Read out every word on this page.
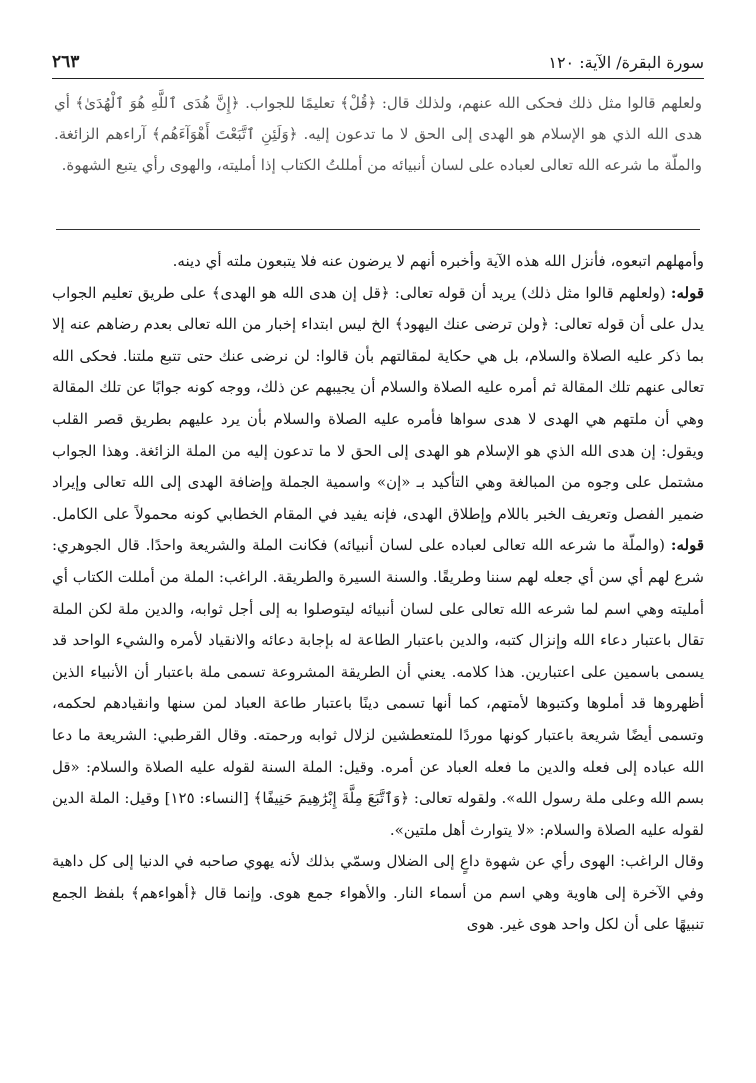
سورة البقرة/ الآية: ١٢٠
٢٦٣

ولعلهم قالوا مثل ذلك فحكى الله عنهم، ولذلك قال: ﴿قُلْ﴾ تعليمًا للجواب. ﴿إِنَّ هُدَى ٱللَّهِ هُوَ ٱلْهُدَىٰ﴾ أي هدى الله الذي هو الإسلام هو الهدى إلى الحق لا ما تدعون إليه. ﴿وَلَئِنِ ٱتَّبَعْتَ أَهْوَآءَهُم﴾ آراءهم الزائغة. والملّة ما شرعه الله تعالى لعباده على لسان أنبيائه من أمللتُ الكتاب إذا أمليته، والهوى رأي يتبع الشهوة.

وأمهلهم اتبعوه، فأنزل الله هذه الآية وأخبره أنهم لا يرضون عنه فلا يتبعون ملته أي دينه.

قوله: (ولعلهم قالوا مثل ذلك) يريد أن قوله تعالى: ﴿قل إن هدى الله هو الهدى﴾ على طريق تعليم الجواب يدل على أن قوله تعالى: ﴿ولن ترضى عنك اليهود﴾ الخ ليس ابتداء إخبار من الله تعالى بعدم رضاهم عنه إلا بما ذكر عليه الصلاة والسلام، بل هي حكاية لمقالتهم بأن قالوا: لن نرضى عنك حتى تتبع ملتنا. فحكى الله تعالى عنهم تلك المقالة ثم أمره عليه الصلاة والسلام أن يجيبهم عن ذلك، ووجه كونه جوابًا عن تلك المقالة وهي أن ملتهم هي الهدى لا هدى سواها فأمره عليه الصلاة والسلام بأن يرد عليهم بطريق قصر القلب ويقول: إن هدى الله الذي هو الإسلام هو الهدى إلى الحق لا ما تدعون إليه من الملة الزائغة. وهذا الجواب مشتمل على وجوه من المبالغة وهي التأكيد بـ «إن» واسمية الجملة وإضافة الهدى إلى الله تعالى وإيراد ضمير الفصل وتعريف الخبر باللام وإطلاق الهدى، فإنه يفيد في المقام الخطابي كونه محمولاً على الكامل. قوله: (والملّة ما شرعه الله تعالى لعباده على لسان أنبيائه) فكانت الملة والشريعة واحدًا. قال الجوهري: شرع لهم أي سن أي جعله لهم سننا وطريقًا. والسنة السيرة والطريقة. الراغب: الملة من أمللت الكتاب أي أمليته وهي اسم لما شرعه الله تعالى على لسان أنبيائه ليتوصلوا به إلى أجل ثوابه، والدين ملة لكن الملة تقال باعتبار دعاء الله وإنزال كتبه، والدين باعتبار الطاعة له بإجابة دعائه والانقياد لأمره والشيء الواحد قد يسمى باسمين على اعتبارين. هذا كلامه. يعني أن الطريقة المشروعة تسمى ملة باعتبار أن الأنبياء الذين أظهروها قد أملوها وكتبوها لأمتهم، كما أنها تسمى دينًا باعتبار طاعة العباد لمن سنها وانقيادهم لحكمه، وتسمى أيضًا شريعة باعتبار كونها موردًا للمتعطشين لزلال ثوابه ورحمته. وقال القرطبي: الشريعة ما دعا الله عباده إلى فعله والدين ما فعله العباد عن أمره. وقيل: الملة السنة لقوله عليه الصلاة والسلام: «قل بسم الله وعلى ملة رسول الله». ولقوله تعالى: ﴿وَٱتَّبَعَ مِلَّةَ إِبْرَٰهِيمَ حَنِيفًا﴾ [النساء: ١٢٥] وقيل: الملة الدين لقوله عليه الصلاة والسلام: «لا يتوارث أهل ملتين».

وقال الراغب: الهوى رأي عن شهوة داعٍ إلى الضلال وسمّي بذلك لأنه يهوي صاحبه في الدنيا إلى كل داهية وفي الآخرة إلى هاوية وهي اسم من أسماء النار. والأهواء جمع هوى. وإنما قال ﴿أهواءهم﴾ بلفظ الجمع تنبيهًا على أن لكل واحد هوى غير. هوى
